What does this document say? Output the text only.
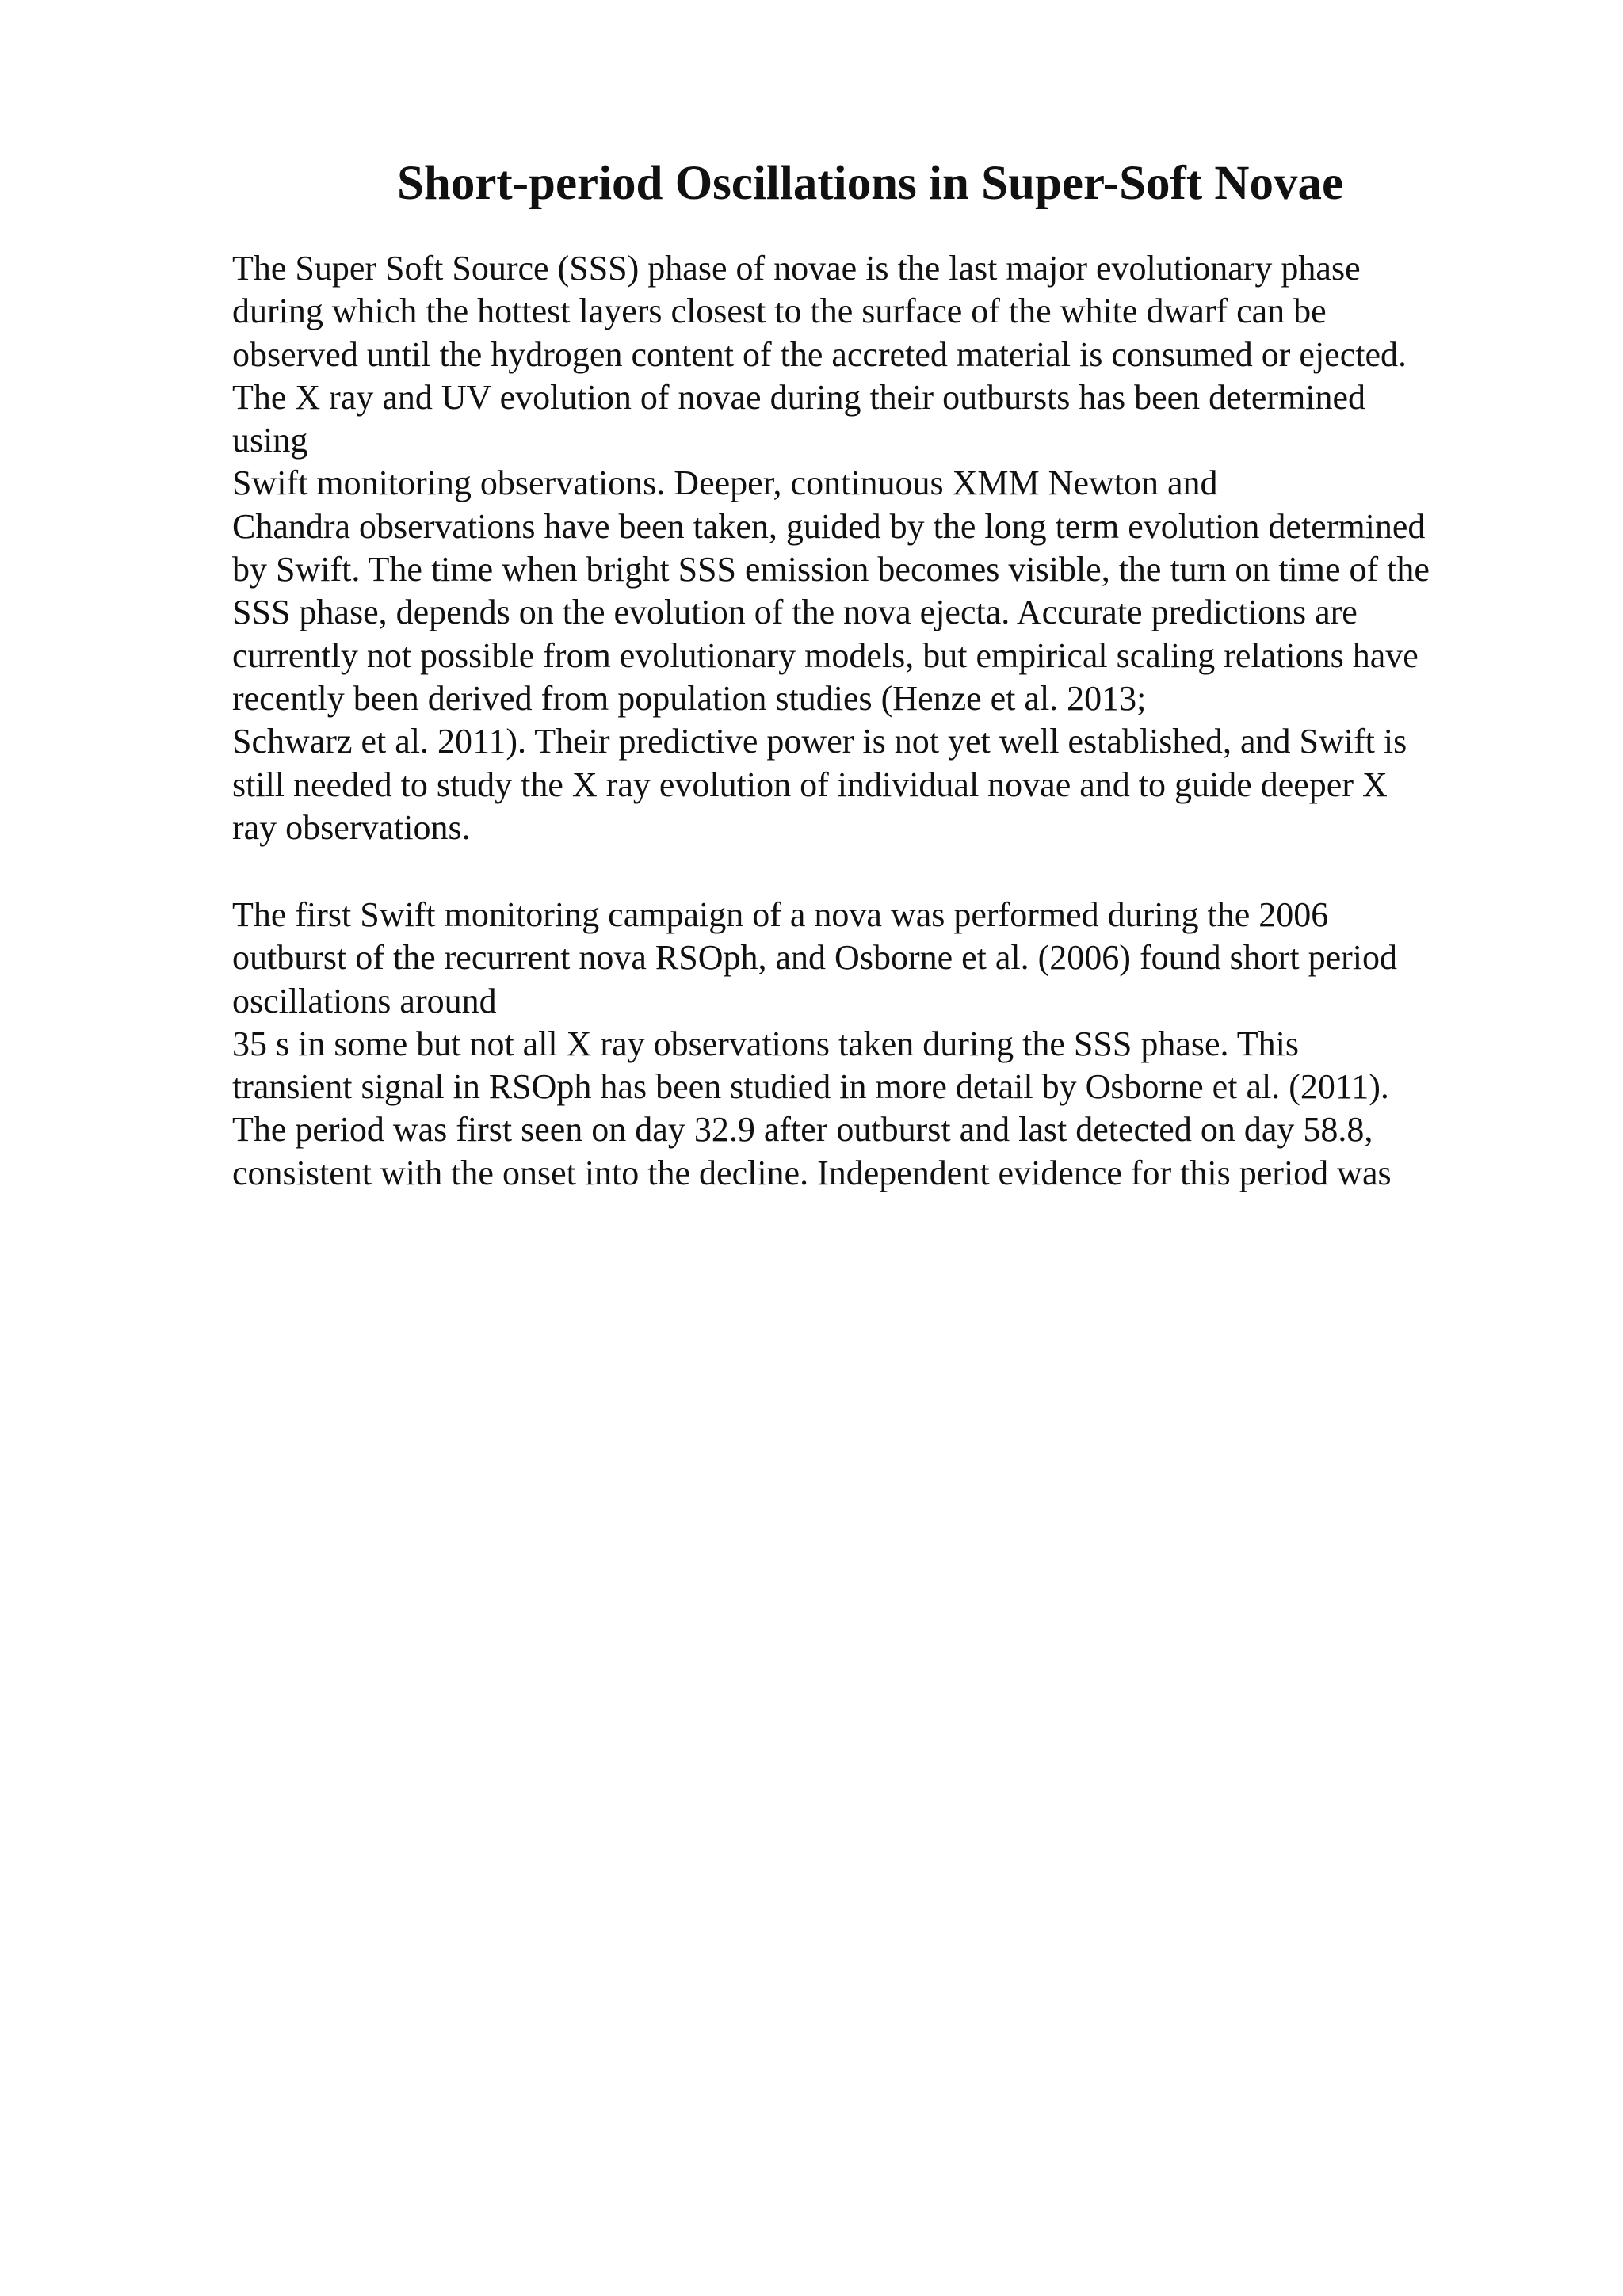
Short-period Oscillations in Super-Soft Novae

The Super Soft Source (SSS) phase of novae is the last major evolutionary phase
during which the hottest layers closest to the surface of the white dwarf can be
observed until the hydrogen content of the accreted material is consumed or ejected.
The X ray and UV evolution of novae during their outbursts has been determined
using
Swift monitoring observations. Deeper, continuous XMM Newton and
Chandra observations have been taken, guided by the long term evolution determined
by Swift. The time when bright SSS emission becomes visible, the turn on time of the
SSS phase, depends on the evolution of the nova ejecta. Accurate predictions are
currently not possible from evolutionary models, but empirical scaling relations have
recently been derived from population studies (Henze et al. 2013;
Schwarz et al. 2011). Their predictive power is not yet well established, and Swift is
still needed to study the X ray evolution of individual novae and to guide deeper X
ray observations.

The first Swift monitoring campaign of a nova was performed during the 2006
outburst of the recurrent nova RSOph, and Osborne et al. (2006) found short period
oscillations around
35 s in some but not all X ray observations taken during the SSS phase. This
transient signal in RSOph has been studied in more detail by Osborne et al. (2011).
The period was first seen on day 32.9 after outburst and last detected on day 58.8,
consistent with the onset into the decline. Independent evidence for this period was
